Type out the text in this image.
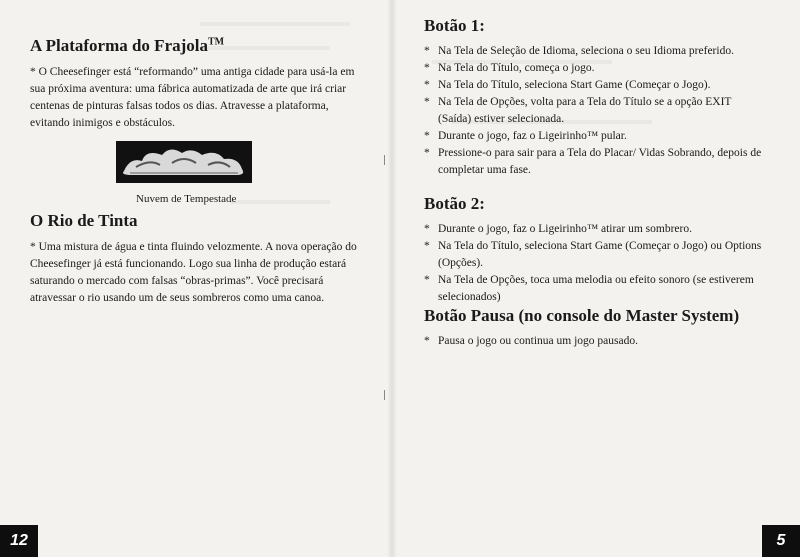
A Plataforma do Frajola™

* O Cheesefinger está “reformando” uma antiga cidade para usá-la em sua próxima aventura: uma fábrica automatizada de arte que irá criar centenas de pinturas falsas todos os dias. Atravesse a plataforma, evitando inimigos e obstáculos.

Nuvem de Tempestade
O Rio de Tinta

* Uma mistura de água e tinta fluindo velozmente. A nova operação do Cheesefinger já está funcionando. Logo sua linha de produção estará saturando o mercado com falsas “obras-primas”. Você precisará atravessar o rio usando um de seus sombreros como uma canoa.

12
Botão 1:
* Na Tela de Seleção de Idioma, seleciona o seu Idioma preferido.
* Na Tela do Título, começa o jogo.
* Na Tela do Título, seleciona Start Game (Começar o Jogo).
* Na Tela de Opções, volta para a Tela do Título se a opção EXIT (Saída) estiver selecionada.
* Durante o jogo, faz o Ligeirinho™ pular.
* Pressione-o para sair para a Tela do Placar/ Vidas Sobrando, depois de completar uma fase.
Botão 2:
* Durante o jogo, faz o Ligeirinho™ atirar um sombrero.
* Na Tela do Título, seleciona Start Game (Começar o Jogo) ou Options (Opções).
* Na Tela de Opções, toca uma melodia ou efeito sonoro (se estiverem selecionados)
Botão Pausa (no console do Master System)
* Pausa o jogo ou continua um jogo pausado.
5
